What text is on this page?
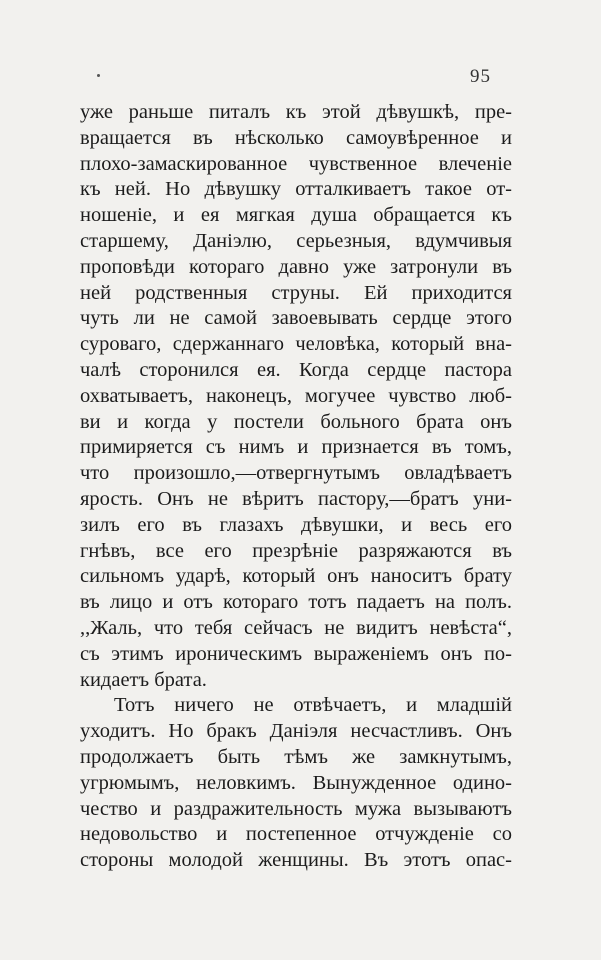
95
уже раньше питалъ къ этой дѣвушкѣ, пре-
вращается въ нѣсколько самоувѣренное и
плохо-замаскированное чувственное влеченіе
къ ней. Но дѣвушку отталкиваетъ такое от-
ношеніе, и ея мягкая душа обращается къ
старшему, Даніэлю, серьезныя, вдумчивыя
проповѣди котораго давно уже затронули въ
ней родственныя струны. Ей приходится
чуть ли не самой завоевывать сердце этого
суроваго, сдержаннаго человѣка, который вна-
чалѣ сторонился ея. Когда сердце пастора
охватываетъ, наконецъ, могучее чувство люб-
ви и когда у постели больного брата онъ
примиряется съ нимъ и признается въ томъ,
что произошло,—отвергнутымъ овладѣваетъ
ярость. Онъ не вѣритъ пастору,—братъ уни-
зилъ его въ глазахъ дѣвушки, и весь его
гнѣвъ, все его презрѣніе разряжаются въ
сильномъ ударѣ, который онъ наноситъ брату
въ лицо и отъ котораго тотъ падаетъ на полъ.
,,Жаль, что тебя сейчасъ не видитъ невѣста“,
съ этимъ ироническимъ выраженіемъ онъ по-
кидаетъ брата.
Тотъ ничего не отвѣчаетъ, и младшій
уходитъ. Но бракъ Даніэля несчастливъ. Онъ
продолжаетъ быть тѣмъ же замкнутымъ,
угрюмымъ, неловкимъ. Вынужденное одино-
чество и раздражительность мужа вызываютъ
недовольство и постепенное отчужденіе со
стороны молодой женщины. Въ этотъ опас-
